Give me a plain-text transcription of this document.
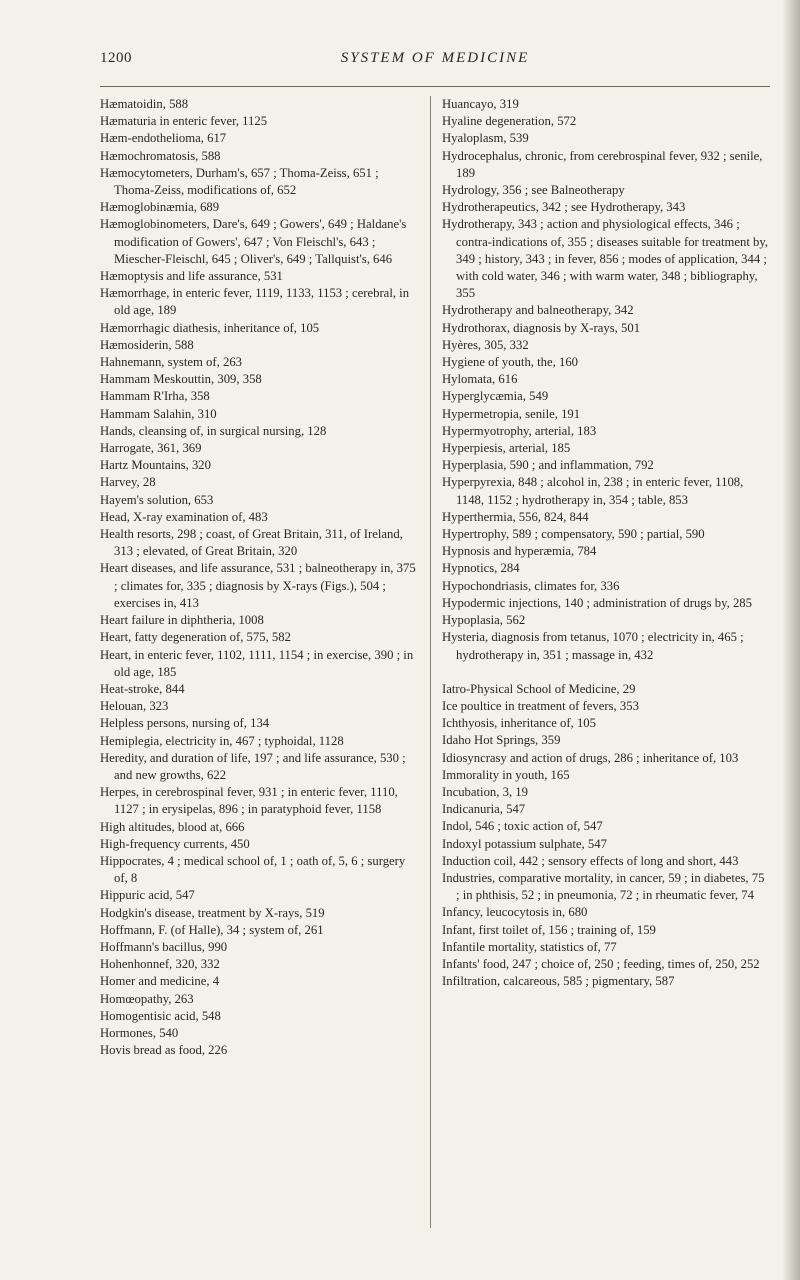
1200	SYSTEM OF MEDICINE

Hæmatoidin, 588

Hæmaturia in enteric fever, 1125

Hæm-endothelioma, 617

Hæmochromatosis, 588

Hæmocytometers, Durham's, 657 ; Thoma-Zeiss, 651 ; Thoma-Zeiss, modifications of, 652

Hæmoglobinæmia, 689

Hæmoglobinometers, Dare's, 649 ; Gowers', 649 ; Haldane's modification of Gowers', 647 ; Von Fleischl's, 643 ; Miescher-Fleischl, 645 ; Oliver's, 649 ; Tallquist's, 646

Hæmoptysis and life assurance, 531

Hæmorrhage, in enteric fever, 1119, 1133, 1153 ; cerebral, in old age, 189

Hæmorrhagic diathesis, inheritance of, 105

Hæmosiderin, 588

Hahnemann, system of, 263

Hammam Meskouttin, 309, 358

Hammam R'Irha, 358

Hammam Salahin, 310

Hands, cleansing of, in surgical nursing, 128

Harrogate, 361, 369

Hartz Mountains, 320

Harvey, 28

Hayem's solution, 653

Head, X-ray examination of, 483

Health resorts, 298 ; coast, of Great Britain, 311, of Ireland, 313 ; elevated, of Great Britain, 320

Heart diseases, and life assurance, 531 ; balneotherapy in, 375 ; climates for, 335 ; diagnosis by X-rays (Figs.), 504 ; exercises in, 413

Heart failure in diphtheria, 1008

Heart, fatty degeneration of, 575, 582

Heart, in enteric fever, 1102, 1111, 1154 ; in exercise, 390 ; in old age, 185

Heat-stroke, 844

Helouan, 323

Helpless persons, nursing of, 134

Hemiplegia, electricity in, 467 ; typhoidal, 1128

Heredity, and duration of life, 197 ; and life assurance, 530 ; and new growths, 622

Herpes, in cerebrospinal fever, 931 ; in enteric fever, 1110, 1127 ; in erysipelas, 896 ; in paratyphoid fever, 1158

High altitudes, blood at, 666

High-frequency currents, 450

Hippocrates, 4 ; medical school of, 1 ; oath of, 5, 6 ; surgery of, 8

Hippuric acid, 547

Hodgkin's disease, treatment by X-rays, 519

Hoffmann, F. (of Halle), 34 ; system of, 261

Hoffmann's bacillus, 990

Hohenhonnef, 320, 332

Homer and medicine, 4

Homœopathy, 263

Homogentisic acid, 548

Hormones, 540

Hovis bread as food, 226

Huancayo, 319

Hyaline degeneration, 572

Hyaloplasm, 539

Hydrocephalus, chronic, from cerebrospinal fever, 932 ; senile, 189

Hydrology, 356 ; see Balneotherapy

Hydrotherapeutics, 342 ; see Hydrotherapy, 343

Hydrotherapy, 343 ; action and physiological effects, 346 ; contra-indications of, 355 ; diseases suitable for treatment by, 349 ; history, 343 ; in fever, 856 ; modes of application, 344 ; with cold water, 346 ; with warm water, 348 ; bibliography, 355

Hydrotherapy and balneotherapy, 342

Hydrothorax, diagnosis by X-rays, 501

Hyères, 305, 332

Hygiene of youth, the, 160

Hylomata, 616

Hyperglycæmia, 549

Hypermetropia, senile, 191

Hypermyotrophy, arterial, 183

Hyperpiesis, arterial, 185

Hyperplasia, 590 ; and inflammation, 792

Hyperpyrexia, 848 ; alcohol in, 238 ; in enteric fever, 1108, 1148, 1152 ; hydrotherapy in, 354 ; table, 853

Hyperthermia, 556, 824, 844

Hypertrophy, 589 ; compensatory, 590 ; partial, 590

Hypnosis and hyperæmia, 784

Hypnotics, 284

Hypochondriasis, climates for, 336

Hypodermic injections, 140 ; administration of drugs by, 285

Hypoplasia, 562

Hysteria, diagnosis from tetanus, 1070 ; electricity in, 465 ; hydrotherapy in, 351 ; massage in, 432

Iatro-Physical School of Medicine, 29

Ice poultice in treatment of fevers, 353

Ichthyosis, inheritance of, 105

Idaho Hot Springs, 359

Idiosyncrasy and action of drugs, 286 ; inheritance of, 103

Immorality in youth, 165

Incubation, 3, 19

Indicanuria, 547

Indol, 546 ; toxic action of, 547

Indoxyl potassium sulphate, 547

Induction coil, 442 ; sensory effects of long and short, 443

Industries, comparative mortality, in cancer, 59 ; in diabetes, 75 ; in phthisis, 52 ; in pneumonia, 72 ; in rheumatic fever, 74

Infancy, leucocytosis in, 680

Infant, first toilet of, 156 ; training of, 159

Infantile mortality, statistics of, 77

Infants' food, 247 ; choice of, 250 ; feeding, times of, 250, 252

Infiltration, calcareous, 585 ; pigmentary, 587
